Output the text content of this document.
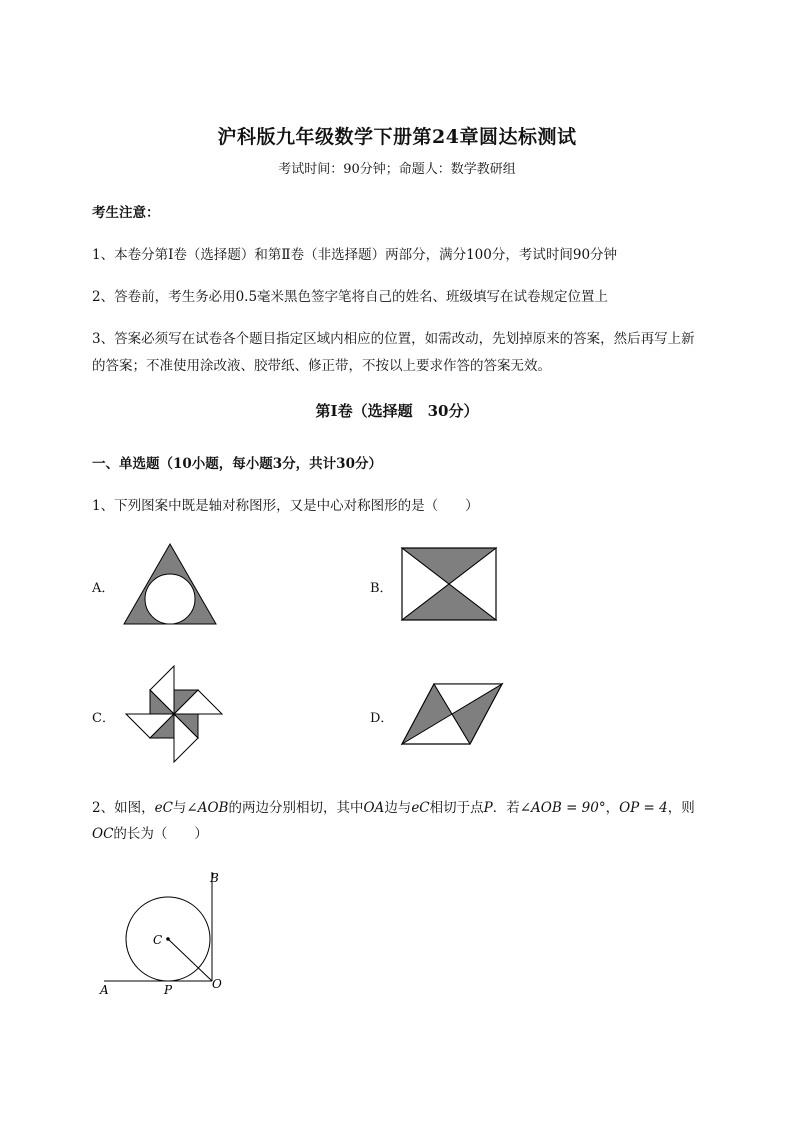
沪科版九年级数学下册第24章圆达标测试
考试时间：90分钟；命题人：数学教研组
考生注意：
1、本卷分第I卷（选择题）和第Ⅱ卷（非选择题）两部分，满分100分，考试时间90分钟
2、答卷前，考生务必用0.5毫米黑色签字笔将自己的姓名、班级填写在试卷规定位置上
3、答案必须写在试卷各个题目指定区域内相应的位置，如需改动，先划掉原来的答案，然后再写上新
的答案；不准使用涂改液、胶带纸、修正带，不按以上要求作答的答案无效。
第I卷（选择题　30分）
一、单选题（10小题，每小题3分，共计30分）
1、下列图案中既是轴对称图形，又是中心对称图形的是（　　）
A．	B．
C．	D．
2、如图，eC与∠AOB的两边分别相切，其中OA边与eC相切于点P．若∠AOB = 90°，OP = 4，则
OC的长为（　　）
C
A	P	O
B
